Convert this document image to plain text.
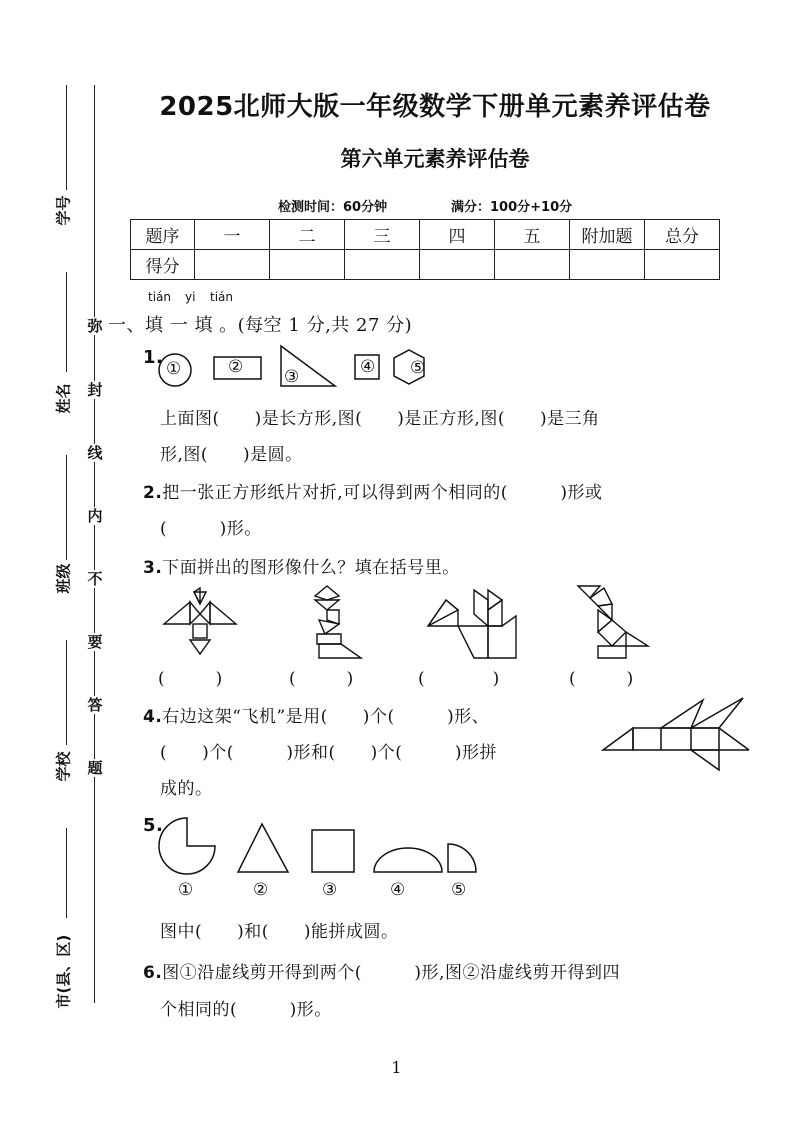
学号
姓名
班级
学校
市(县、区)
弥
封
线
内
不
要
答
题
2025北师大版一年级数学下册单元素养评估卷
第六单元素养评估卷
检测时间：60分钟	满分：100分+10分
题序	一	二	三	四	五	附加题	总分
得分							
tián yi tián
一、填 一 填 。(每空 1 分,共 27 分)
1.
①	② ③	④ ⑤
上面图(　　)是长方形,图(　　)是正方形,图(　　)是三角
形,图(　　)是圆。
2.把一张正方形纸片对折,可以得到两个相同的(　　　)形或
(　　　)形。
3.下面拼出的图形像什么？填在括号里。
(　　　)	(　　　)	(　　　　)	(　　　)
4.右边这架“飞机”是用(　　)个(　　　)形、
(　　)个(　　　)形和(　　)个(　　　)形拼
成的。
5.
①	②	③	④	⑤
图中(　　)和(　　)能拼成圆。
6.图①沿虚线剪开得到两个(　　　)形,图②沿虚线剪开得到四
个相同的(　　　)形。
1
